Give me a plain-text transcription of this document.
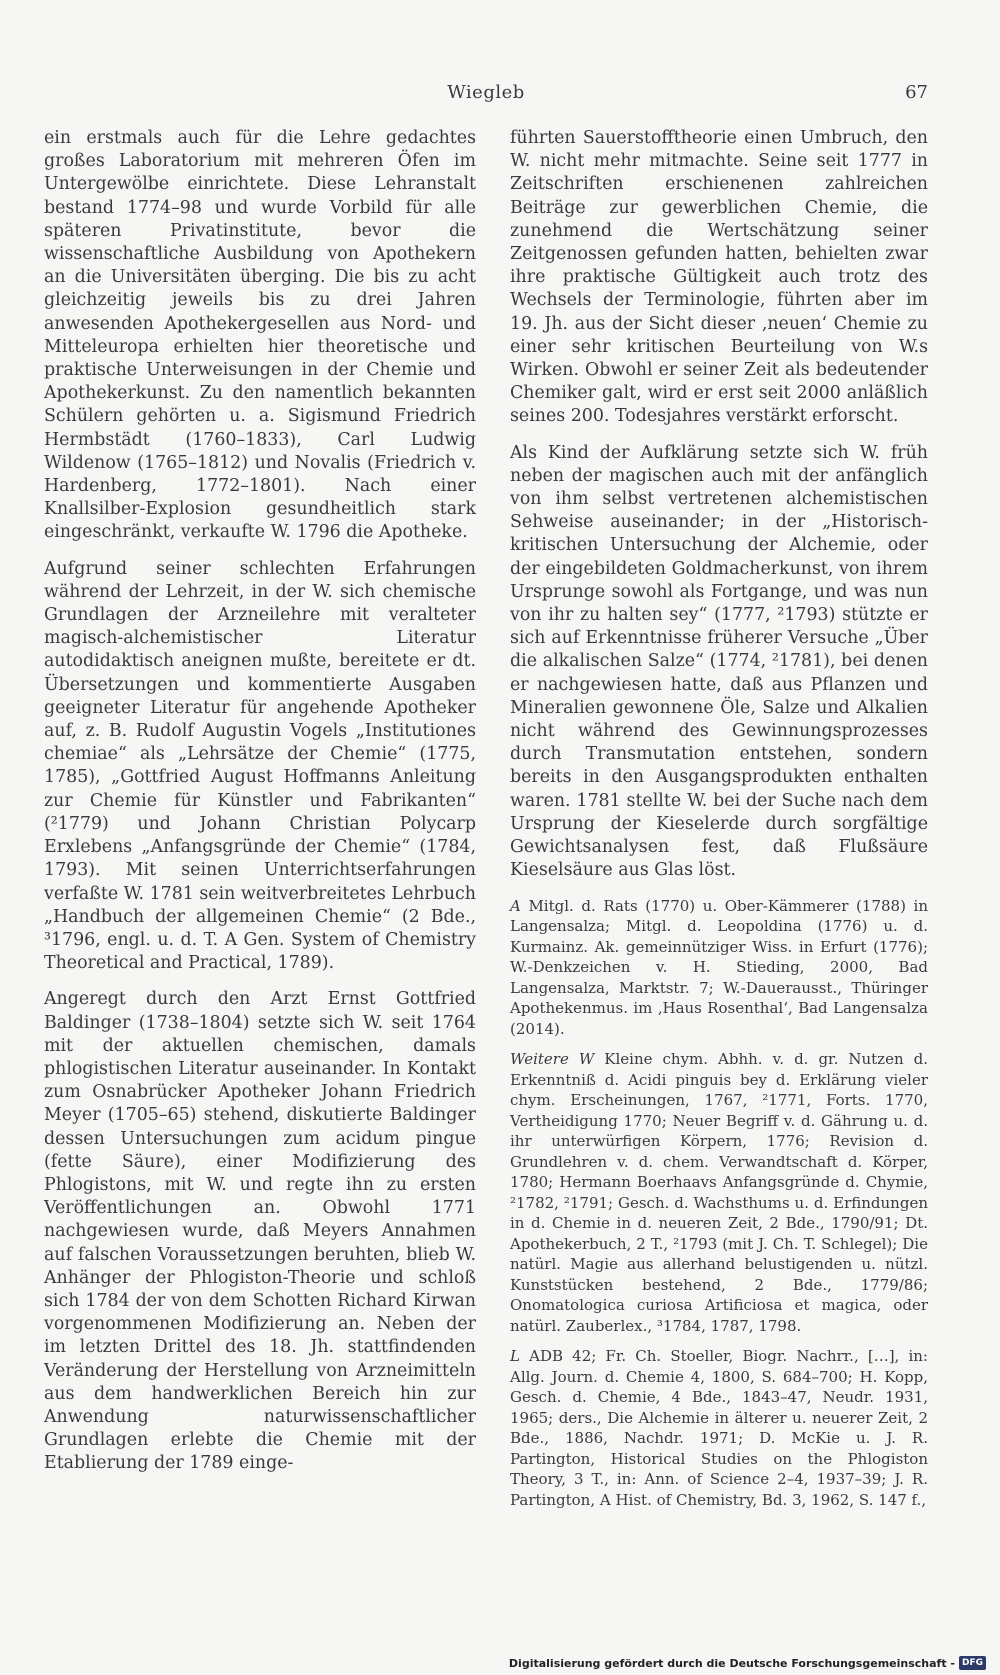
Wiegleb	67

ein erstmals auch für die Lehre gedachtes großes Laboratorium mit mehreren Öfen im Untergewölbe einrichtete. Diese Lehranstalt bestand 1774–98 und wurde Vorbild für alle späteren Privatinstitute, bevor die wissenschaftliche Ausbildung von Apothekern an die Universitäten überging. Die bis zu acht gleichzeitig jeweils bis zu drei Jahren anwesenden Apothekergesellen aus Nord- und Mitteleuropa erhielten hier theoretische und praktische Unterweisungen in der Chemie und Apothekerkunst. Zu den namentlich bekannten Schülern gehörten u. a. Sigismund Friedrich Hermbstädt (1760–1833), Carl Ludwig Wildenow (1765–1812) und Novalis (Friedrich v. Hardenberg, 1772–1801). Nach einer Knallsilber-Explosion gesundheitlich stark eingeschränkt, verkaufte W. 1796 die Apotheke.

Aufgrund seiner schlechten Erfahrungen während der Lehrzeit, in der W. sich chemische Grundlagen der Arzneilehre mit veralteter magisch-alchemistischer Literatur autodidaktisch aneignen mußte, bereitete er dt. Übersetzungen und kommentierte Ausgaben geeigneter Literatur für angehende Apotheker auf, z. B. Rudolf Augustin Vogels „Institutiones chemiae“ als „Lehrsätze der Chemie“ (1775, 1785), „Gottfried August Hoffmanns Anleitung zur Chemie für Künstler und Fabrikanten“ (²1779) und Johann Christian Polycarp Erxlebens „Anfangsgründe der Chemie“ (1784, 1793). Mit seinen Unterrichtserfahrungen verfaßte W. 1781 sein weitverbreitetes Lehrbuch „Handbuch der allgemeinen Chemie“ (2 Bde., ³1796, engl. u. d. T. A Gen. System of Chemistry Theoretical and Practical, 1789).

Angeregt durch den Arzt Ernst Gottfried Baldinger (1738–1804) setzte sich W. seit 1764 mit der aktuellen chemischen, damals phlogistischen Literatur auseinander. In Kontakt zum Osnabrücker Apotheker Johann Friedrich Meyer (1705–65) stehend, diskutierte Baldinger dessen Untersuchungen zum acidum pingue (fette Säure), einer Modifizierung des Phlogistons, mit W. und regte ihn zu ersten Veröffentlichungen an. Obwohl 1771 nachgewiesen wurde, daß Meyers Annahmen auf falschen Voraussetzungen beruhten, blieb W. Anhänger der Phlogiston-Theorie und schloß sich 1784 der von dem Schotten Richard Kirwan vorgenommenen Modifizierung an. Neben der im letzten Drittel des 18. Jh. stattfindenden Veränderung der Herstellung von Arzneimitteln aus dem handwerklichen Bereich hin zur Anwendung naturwissenschaftlicher Grundlagen erlebte die Chemie mit der Etablierung der 1789 einge-

führten Sauerstofftheorie einen Umbruch, den W. nicht mehr mitmachte. Seine seit 1777 in Zeitschriften erschienenen zahlreichen Beiträge zur gewerblichen Chemie, die zunehmend die Wertschätzung seiner Zeitgenossen gefunden hatten, behielten zwar ihre praktische Gültigkeit auch trotz des Wechsels der Terminologie, führten aber im 19. Jh. aus der Sicht dieser ‚neuen‘ Chemie zu einer sehr kritischen Beurteilung von W.s Wirken. Obwohl er seiner Zeit als bedeutender Chemiker galt, wird er erst seit 2000 anläßlich seines 200. Todesjahres verstärkt erforscht.

Als Kind der Aufklärung setzte sich W. früh neben der magischen auch mit der anfänglich von ihm selbst vertretenen alchemistischen Sehweise auseinander; in der „Historisch-kritischen Untersuchung der Alchemie, oder der eingebildeten Goldmacherkunst, von ihrem Ursprunge sowohl als Fortgange, und was nun von ihr zu halten sey“ (1777, ²1793) stützte er sich auf Erkenntnisse früherer Versuche „Über die alkalischen Salze“ (1774, ²1781), bei denen er nachgewiesen hatte, daß aus Pflanzen und Mineralien gewonnene Öle, Salze und Alkalien nicht während des Gewinnungsprozesses durch Transmutation entstehen, sondern bereits in den Ausgangsprodukten enthalten waren. 1781 stellte W. bei der Suche nach dem Ursprung der Kieselerde durch sorgfältige Gewichtsanalysen fest, daß Flußsäure Kieselsäure aus Glas löst.

A Mitgl. d. Rats (1770) u. Ober-Kämmerer (1788) in Langensalza; Mitgl. d. Leopoldina (1776) u. d. Kurmainz. Ak. gemeinnütziger Wiss. in Erfurt (1776); W.-Denkzeichen v. H. Stieding, 2000, Bad Langensalza, Marktstr. 7; W.-Dauerausst., Thüringer Apothekenmus. im ‚Haus Rosenthal‘, Bad Langensalza (2014).

Weitere W Kleine chym. Abhh. v. d. gr. Nutzen d. Erkenntniß d. Acidi pinguis bey d. Erklärung vieler chym. Erscheinungen, 1767, ²1771, Forts. 1770, Vertheidigung 1770; Neuer Begriff v. d. Gährung u. d. ihr unterwürfigen Körpern, 1776; Revision d. Grundlehren v. d. chem. Verwandtschaft d. Körper, 1780; Hermann Boerhaavs Anfangsgründe d. Chymie, ²1782, ²1791; Gesch. d. Wachsthums u. d. Erfindungen in d. Chemie in d. neueren Zeit, 2 Bde., 1790/91; Dt. Apothekerbuch, 2 T., ²1793 (mit J. Ch. T. Schlegel); Die natürl. Magie aus allerhand belustigenden u. nützl. Kunststücken bestehend, 2 Bde., 1779/86; Onomatologica curiosa Artificiosa et magica, oder natürl. Zauberlex., ³1784, 1787, 1798.

L ADB 42; Fr. Ch. Stoeller, Biogr. Nachrr., […], in: Allg. Journ. d. Chemie 4, 1800, S. 684–700; H. Kopp, Gesch. d. Chemie, 4 Bde., 1843–47, Neudr. 1931, 1965; ders., Die Alchemie in älterer u. neuerer Zeit, 2 Bde., 1886, Nachdr. 1971; D. McKie u. J. R. Partington, Historical Studies on the Phlogiston Theory, 3 T., in: Ann. of Science 2–4, 1937–39; J. R. Partington, A Hist. of Chemistry, Bd. 3, 1962, S. 147 f.,

Digitalisierung gefördert durch die Deutsche Forschungsgemeinschaft - DFG
